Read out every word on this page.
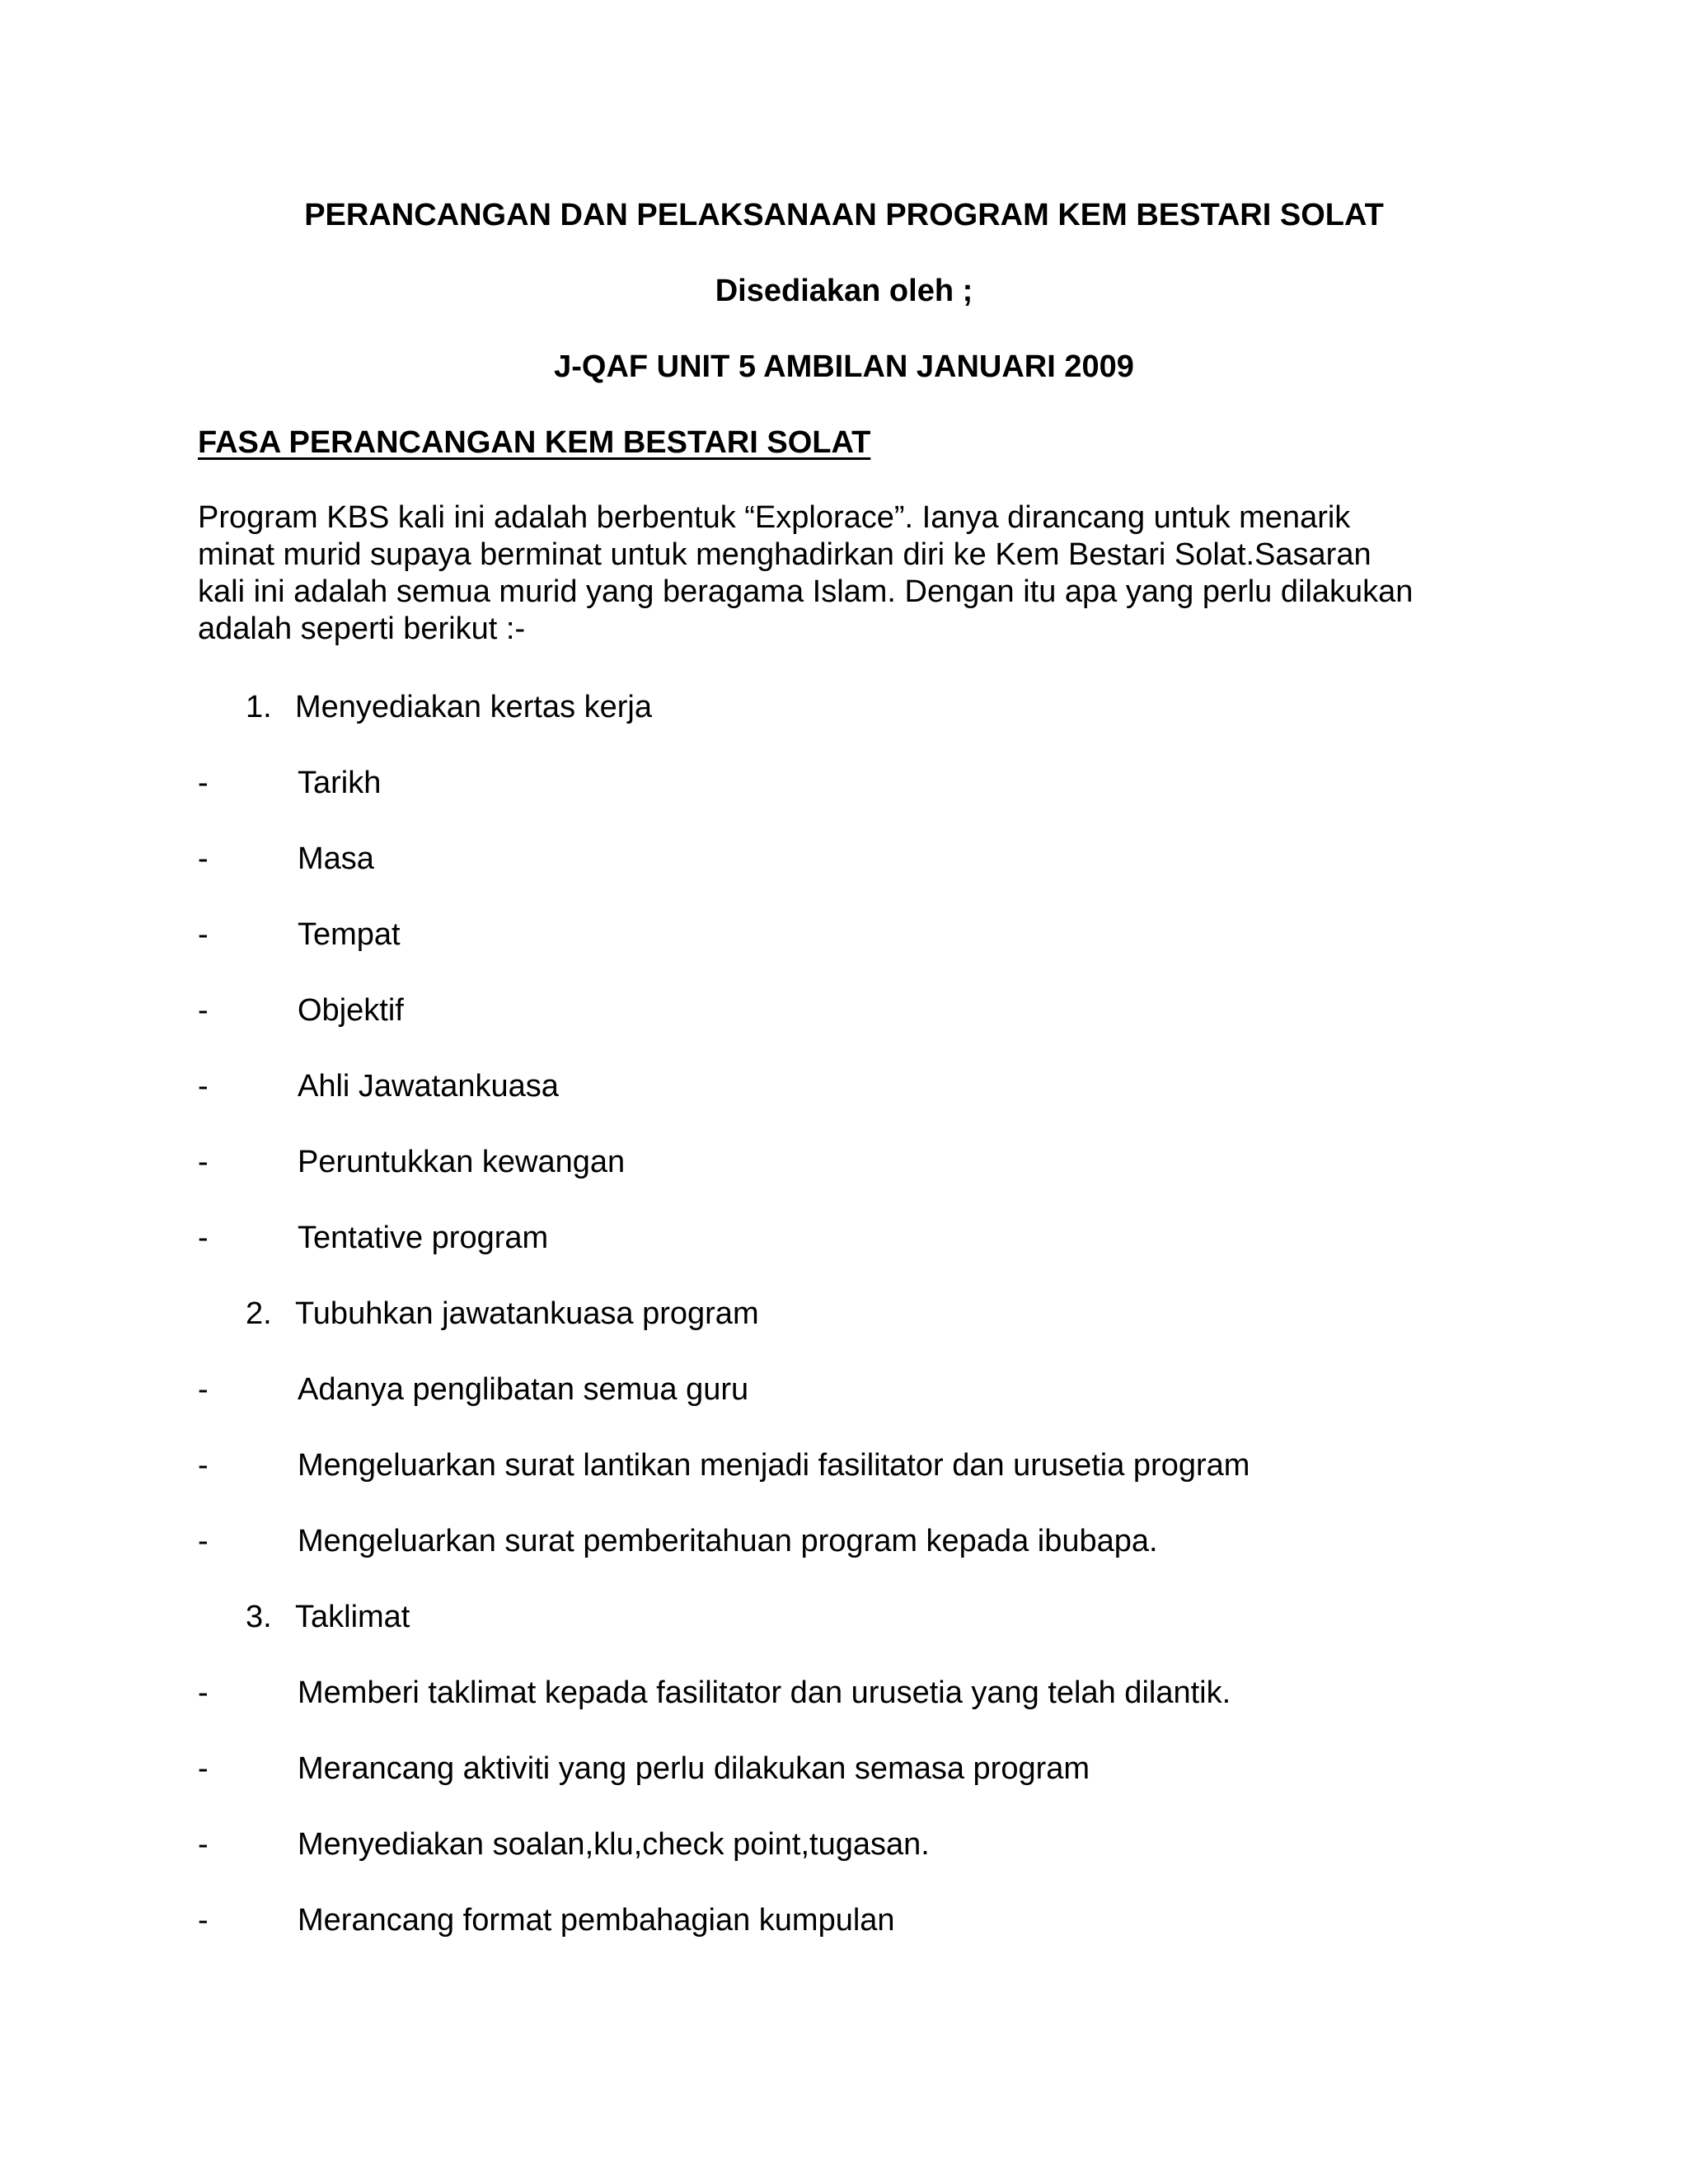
PERANCANGAN DAN PELAKSANAAN PROGRAM KEM BESTARI SOLAT
Disediakan oleh ;
J-QAF UNIT 5 AMBILAN JANUARI 2009
FASA PERANCANGAN KEM BESTARI SOLAT
Program KBS kali ini adalah berbentuk “Explorace”. Ianya dirancang untuk menarik
minat murid supaya berminat untuk menghadirkan diri ke Kem Bestari Solat.Sasaran
kali ini adalah semua murid yang beragama Islam. Dengan itu apa yang perlu dilakukan
adalah seperti berikut :-
1. Menyediakan kertas kerja
-	Tarikh
-	Masa
-	Tempat
-	Objektif
-	Ahli Jawatankuasa
-	Peruntukkan kewangan
-	Tentative program
2. Tubuhkan jawatankuasa program
-	Adanya penglibatan semua guru
-	Mengeluarkan surat lantikan menjadi fasilitator dan urusetia program
-	Mengeluarkan surat pemberitahuan program kepada ibubapa.
3. Taklimat
-	Memberi taklimat kepada fasilitator dan urusetia yang telah dilantik.
-	Merancang aktiviti yang perlu dilakukan semasa program
-	Menyediakan soalan,klu,check point,tugasan.
-	Merancang format pembahagian kumpulan
